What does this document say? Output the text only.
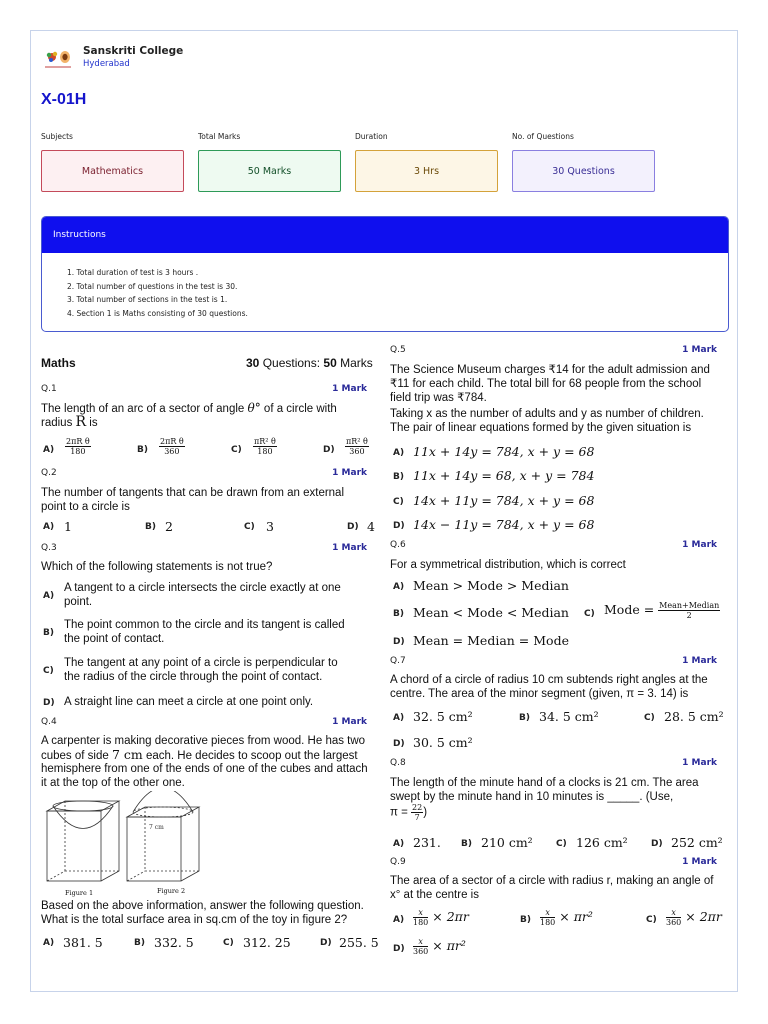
Sanskriti College
Hyderabad
X-01H
Subjects	Total Marks	Duration	No. of Questions
Mathematics	50 Marks	3 Hrs	30 Questions
Instructions
1. Total duration of test is 3 hours .
2. Total number of questions in the test is 30.
3. Total number of sections in the test is 1.
4. Section 1 is Maths consisting of 30 questions.
Maths	30 Questions: 50 Marks
Q.1	1 Mark
The length of an arc of a sector of angle θ° of a circle with
radius R is
$A) \frac{\text{2πR θ}}{180}$	$B) \frac{\text{2πR θ}}{360}$	$C) \frac{\text{πR² θ}}{180}$	$D) \frac{\text{πR² θ}}{360}$
Q.2	1 Mark
The number of tangents that can be drawn from an external
point to a circle is
A) 1	B) 2	C) 3	D) 4
Q.3	1 Mark
Which of the following statements is not true?
A)
A tangent to a circle intersects the circle exactly at one
point.
B)
The point common to the circle and its tangent is called
the point of contact.
C)
The tangent at any point of a circle is perpendicular to
the radius of the circle through the point of contact.
D) A straight line can meet a circle at one point only.
Q.4	1 Mark
A carpenter is making decorative pieces from wood. He has two
cubes of side 7 cm each. He decides to scoop out the largest
hemisphere from one of the ends of one of the cubes and attach
it at the top of the other one.
7 cm
Figure 1	Figure 2
Based on the above information, answer the following question.
What is the total surface area in sq.cm of the toy in figure 2?
A) 381. 5	B) 332. 5	C) 312. 25	D) 255. 5
Q.5	1 Mark
The Science Museum charges ₹14 for the adult admission and
₹11 for each child. The total bill for 68 people from the school
field trip was ₹784.
Taking x as the number of adults and y as number of children.
The pair of linear equations formed by the given situation is
A) 11x + 14y = 784, x + y = 68
B) 11x + 14y = 68, x + y = 784
C) 14x + 11y = 784, x + y = 68
D) 14x − 11y = 784, x + y = 68
Q.6	1 Mark
For a symmetrical distribution, which is correct
A) Mean > Mode > Median
B) Mean < Mode < Median C) Mode = $\frac{\text{Mean+Median}}{2}$
D) Mean = Median = Mode
Q.7	1 Mark
A chord of a circle of radius 10 cm subtends right angles at the
centre. The area of the minor segment (given, π = 3. 14) is
A) 32. 5 cm²	B) 34. 5 cm²	C) 28. 5 cm²
D) 30. 5 cm²
Q.8	1 Mark
The length of the minute hand of a clocks is 21 cm. The area
swept by the minute hand in 10 minutes is _____. (Use,
$\pi = \frac{22}{7}$ )
A) 231. B) 210 cm²	C) 126 cm²	D) 252 cm²
Q.9	1 Mark
The area of a sector of a circle with radius r, making an angle of
x° at the centre is
$A) \frac{x}{180} \times 2\pi r$	$B) \frac{x}{180} \times \pi r^2$	$C) \frac{x}{360} \times 2\pi r$
$D) \frac{x}{360} \times \pi r^2$
